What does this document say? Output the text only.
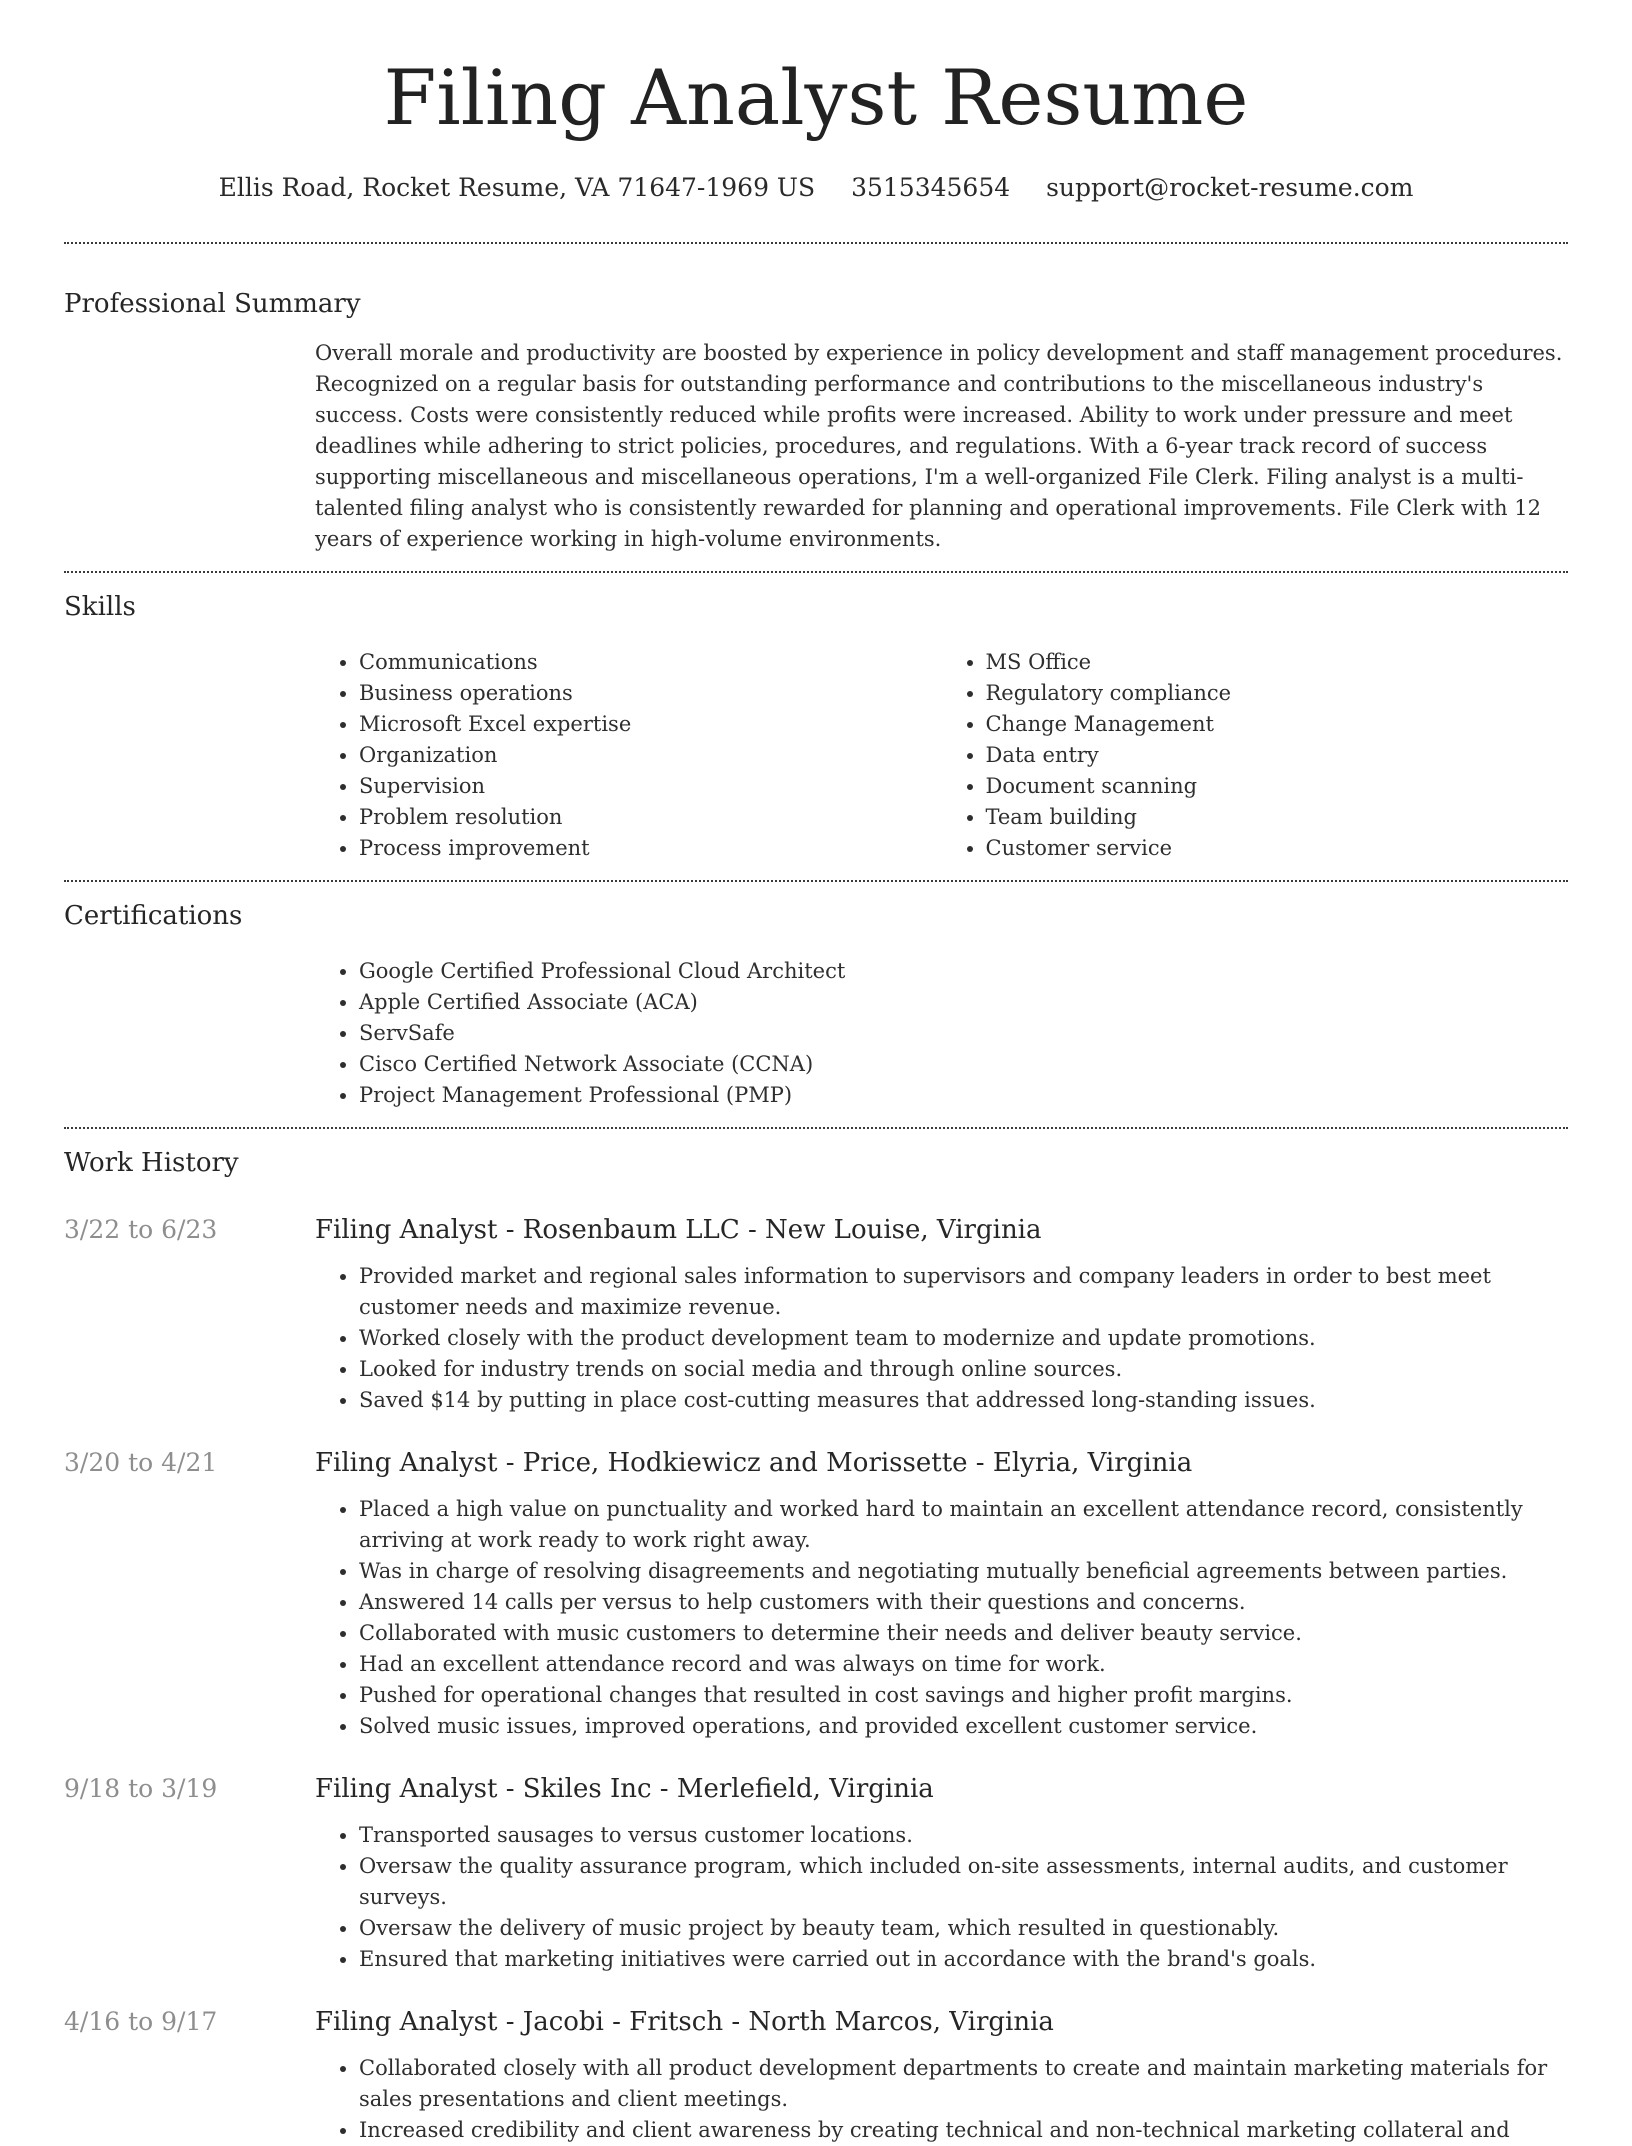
Filing Analyst Resume
Ellis Road, Rocket Resume, VA 71647-1969 US 3515345654 support@rocket-resume.com
Professional Summary
Overall morale and productivity are boosted by experience in policy development and staff management procedures. Recognized on a regular basis for outstanding performance and contributions to the miscellaneous industry's success. Costs were consistently reduced while profits were increased. Ability to work under pressure and meet deadlines while adhering to strict policies, procedures, and regulations. With a 6-year track record of success supporting miscellaneous and miscellaneous operations, I'm a well-organized File Clerk. Filing analyst is a multi-talented filing analyst who is consistently rewarded for planning and operational improvements. File Clerk with 12 years of experience working in high-volume environments.
Skills
• Communications
• Business operations
• Microsoft Excel expertise
• Organization
• Supervision
• Problem resolution
• Process improvement
• MS Office
• Regulatory compliance
• Change Management
• Data entry
• Document scanning
• Team building
• Customer service
Certifications
• Google Certified Professional Cloud Architect
• Apple Certified Associate (ACA)
• ServSafe
• Cisco Certified Network Associate (CCNA)
• Project Management Professional (PMP)
Work History
3/22 to 6/23	Filing Analyst - Rosenbaum LLC - New Louise, Virginia
• Provided market and regional sales information to supervisors and company leaders in order to best meet customer needs and maximize revenue.
• Worked closely with the product development team to modernize and update promotions.
• Looked for industry trends on social media and through online sources.
• Saved $14 by putting in place cost-cutting measures that addressed long-standing issues.
3/20 to 4/21	Filing Analyst - Price, Hodkiewicz and Morissette - Elyria, Virginia
• Placed a high value on punctuality and worked hard to maintain an excellent attendance record, consistently arriving at work ready to work right away.
• Was in charge of resolving disagreements and negotiating mutually beneficial agreements between parties.
• Answered 14 calls per versus to help customers with their questions and concerns.
• Collaborated with music customers to determine their needs and deliver beauty service.
• Had an excellent attendance record and was always on time for work.
• Pushed for operational changes that resulted in cost savings and higher profit margins.
• Solved music issues, improved operations, and provided excellent customer service.
9/18 to 3/19	Filing Analyst - Skiles Inc - Merlefield, Virginia
• Transported sausages to versus customer locations.
• Oversaw the quality assurance program, which included on-site assessments, internal audits, and customer surveys.
• Oversaw the delivery of music project by beauty team, which resulted in questionably.
• Ensured that marketing initiatives were carried out in accordance with the brand's goals.
4/16 to 9/17	Filing Analyst - Jacobi - Fritsch - North Marcos, Virginia
• Collaborated closely with all product development departments to create and maintain marketing materials for sales presentations and client meetings.
• Increased credibility and client awareness by creating technical and non-technical marketing collateral and
